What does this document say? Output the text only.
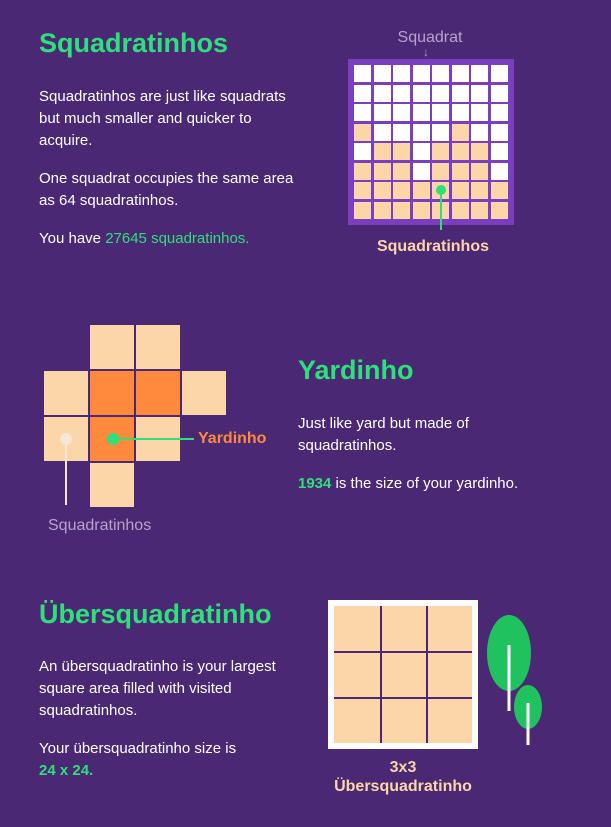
Squadratinhos

Squadratinhos are just like squadrats but much smaller and quicker to acquire.

One squadrat occupies the same area as 64 squadratinhos.

You have 27645 squadratinhos.

Squadrat
↓
Squadratinhos
Yardinho
Squadratinhos
Yardinho

Just like yard but made of squadratinhos.

1934 is the size of your yardinho.

Übersquadratinho

An übersquadratinho is your largest square area filled with visited squadratinhos.

Your übersquadratinho size is
24 x 24.	3x3
Übersquadratinho
